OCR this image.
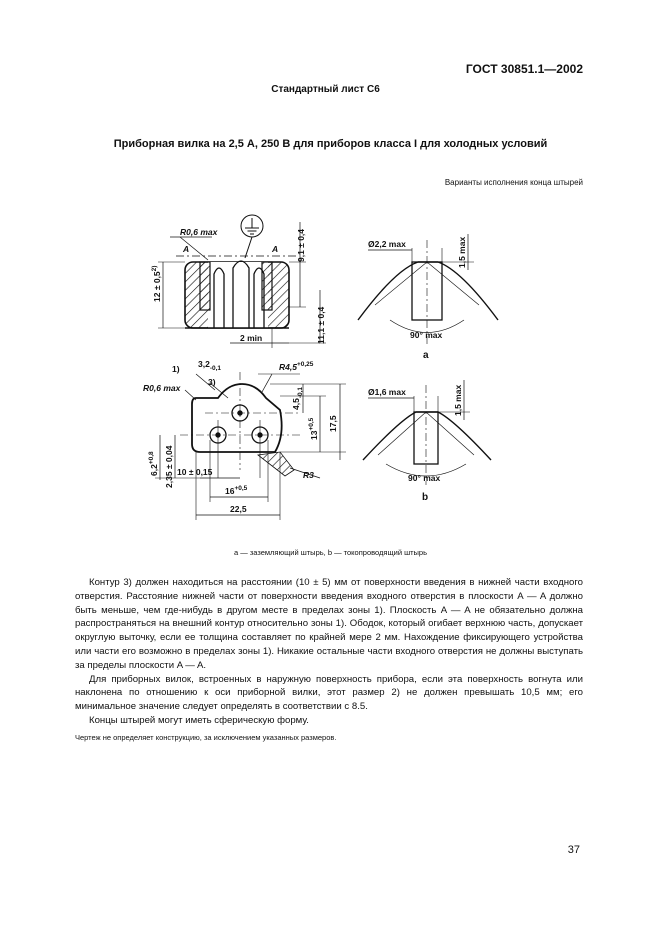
ГОСТ 30851.1—2002
Стандартный лист С6
Приборная вилка на 2,5 А, 250 В для приборов класса I для холодных условий
Варианты исполнения конца штырей
R0,6 max
A	A
$12 \pm 0,5^{2)}$
9,1 ± 0,4
11,1 ± 0,4
2 min
1)
3)
$3,2_{-0,1}$	$R4,5^{+0,25}$
R0,6 max
$4,5_{-0,1}$
$13^{+0,5}$	17,5
$6,2^{+0,8}$	2,35 ± 0,04 10 ± 0,15
$16^{+0,5}$
22,5
R3
Ø2,2 max	1,5 max
90° max
a
Ø1,6 max	1,5 max
90° max
b
a — заземляющий штырь, b — токопроводящий штырь

Контур 3) должен находиться на расстоянии (10 ± 5) мм от поверхности введения в нижней части входного отверстия. Расстояние нижней части от поверхности введения входного отверстия в плоскости A — A должно быть меньше, чем где-нибудь в другом месте в пределах зоны 1). Плоскость A — A не обязательно должна распространяться на внешний контур относительно зоны 1). Ободок, который огибает верхнюю часть, допускает округлую выточку, если ее толщина составляет по крайней мере 2 мм. Нахождение фиксирующего устройства или части его возможно в пределах зоны 1). Никакие остальные части входного отверстия не должны выступать за пределы плоскости A — A.

Для приборных вилок, встроенных в наружную поверхность прибора, если эта поверхность вогнута или наклонена по отношению к оси приборной вилки, этот размер 2) не должен превышать 10,5 мм; его минимальное значение следует определять в соответствии с 8.5.

Концы штырей могут иметь сферическую форму.

Чертеж не определяет конструкцию, за исключением указанных размеров.

37
